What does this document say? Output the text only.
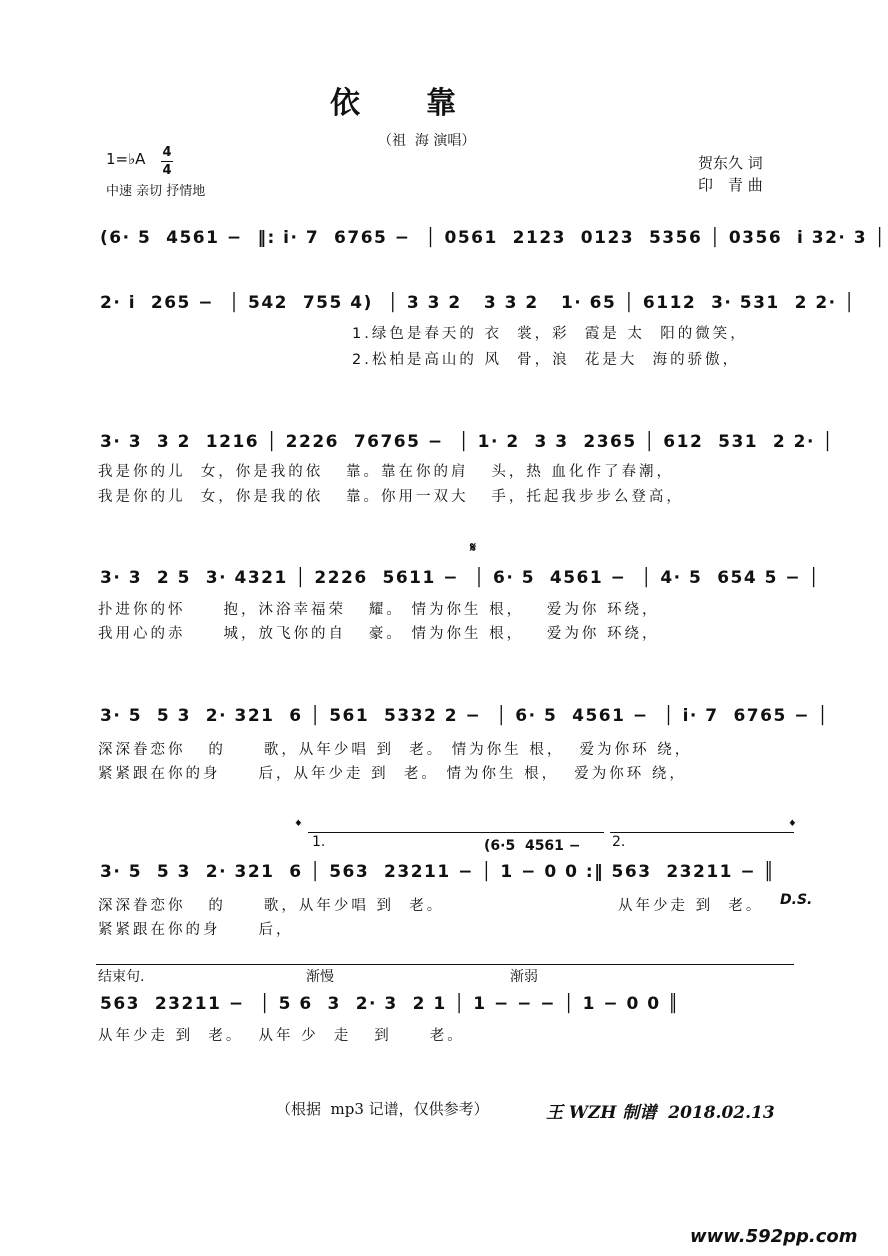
依　　靠
（祖  海 演唱）
1=♭A 4
4
中速 亲切 抒情地
贺东久 词
印　青 曲
(6· 5  4561 −  ‖: i· 7  6765 −  │ 0561  2123  0123  5356 │ 0356  i 32· 3 │
2· i  265 −  │ 542  755 4)  │ 3 3 2   3 3 2   1· 65 │ 6112  3· 531  2 2· │
1.绿色是春天的 衣  裳，彩  霞是 太  阳的微笑，
2.松柏是高山的 风  骨，浪  花是大  海的骄傲，
3· 3  3 2  1216 │ 2226  76765 −  │ 1· 2  3 3  2365 │ 612  531  2 2· │
我是你的儿  女，你是我的依   靠。靠在你的肩   头，热 血化作了春潮，
我是你的儿  女，你是我的依   靠。你用一双大   手，托起我步步么登高，
𝄋
3· 3  2 5  3· 4321 │ 2226  5611 −  │ 6· 5  4561 −  │ 4· 5  654 5 − │
扑进你的怀     抱，沐浴幸福荣   耀。 情为你生 根，   爱为你 环绕，
我用心的赤     城，放飞你的自   豪。 情为你生 根，   爱为你 环绕，
3· 5  5 3  2· 321  6 │ 561  5332 2 −  │ 6· 5  4561 −  │ i· 7  6765 − │
深深眷恋你   的     歌，从年少唱 到  老。 情为你生 根，  爱为你环 绕，
紧紧跟在你的身     后，从年少走 到  老。 情为你生 根，  爱为你环 绕，
𝄌	𝄌
1.	2.
(6·5  4561 −
3· 5  5 3  2· 321  6 │ 563  23211 − │ 1 − 0 0 :‖ 563  23211 − ║
深深眷恋你   的     歌，从年少唱 到  老。	从年少走 到  老。 D.S.
紧紧跟在你的身     后，
结束句.	渐慢	渐弱
563  23211 −  │ 5 6  3  2· 3  2 1 │ 1 − − − │ 1 − 0 0 ║
从年少走 到  老。  从年 少  走   到     老。
（根据  mp3 记谱，仅供参考）	王 WZH 制谱  2018.02.13
www.592pp.com
